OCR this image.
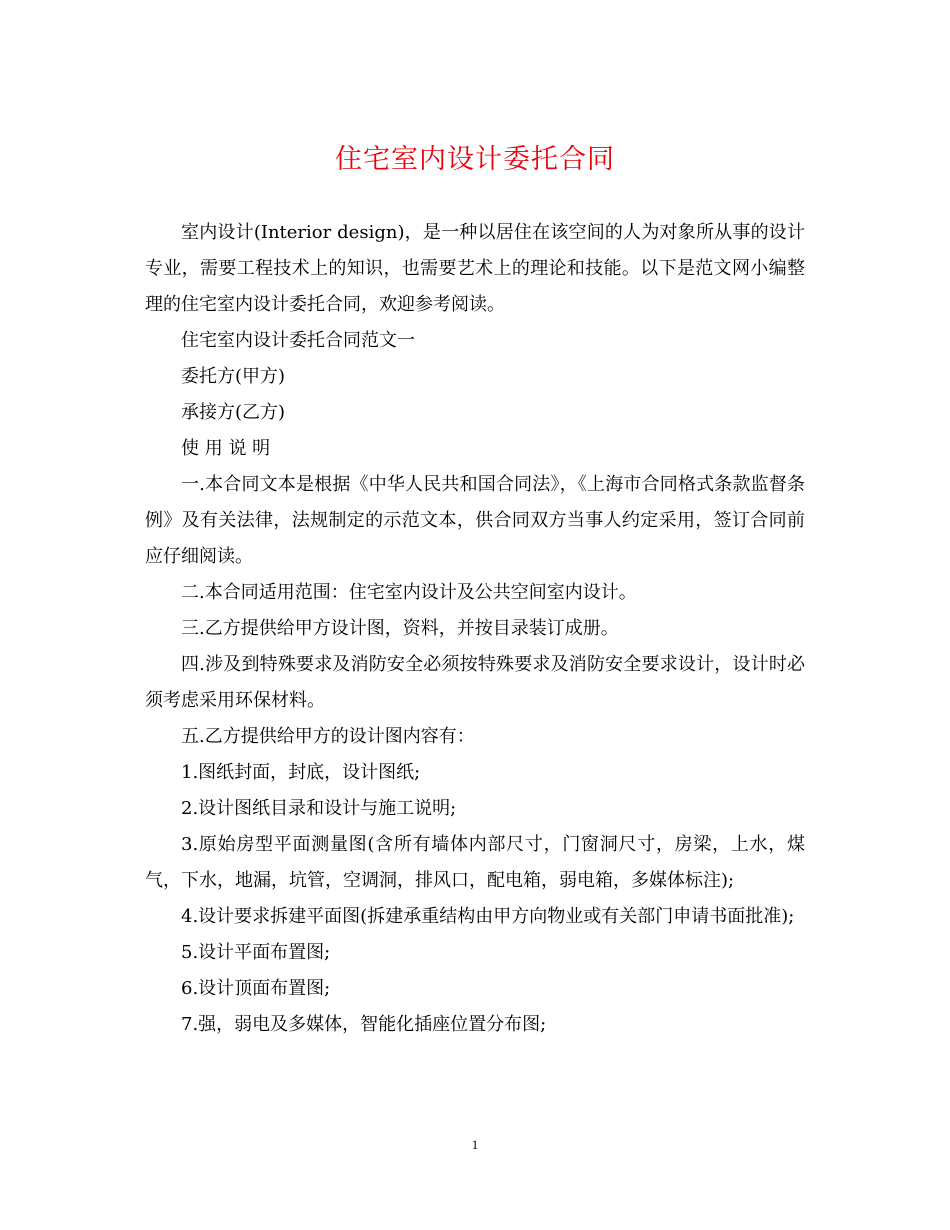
住宅室内设计委托合同

室内设计(Interior design)，是一种以居住在该空间的人为对象所从事的设计专业，需要工程技术上的知识，也需要艺术上的理论和技能。以下是范文网小编整理的住宅室内设计委托合同，欢迎参考阅读。

住宅室内设计委托合同范文一

委托方(甲方)

承接方(乙方)

使 用 说 明

一.本合同文本是根据《中华人民共和国合同法》，《上海市合同格式条款监督条例》及有关法律，法规制定的示范文本，供合同双方当事人约定采用，签订合同前应仔细阅读。

二.本合同适用范围：住宅室内设计及公共空间室内设计。

三.乙方提供给甲方设计图，资料，并按目录装订成册。

四.涉及到特殊要求及消防安全必须按特殊要求及消防安全要求设计，设计时必须考虑采用环保材料。

五.乙方提供给甲方的设计图内容有：

1.图纸封面，封底，设计图纸;

2.设计图纸目录和设计与施工说明;

3.原始房型平面测量图(含所有墙体内部尺寸，门窗洞尺寸，房梁，上水，煤气，下水，地漏，坑管，空调洞，排风口，配电箱，弱电箱，多媒体标注);

4.设计要求拆建平面图(拆建承重结构由甲方向物业或有关部门申请书面批准);

5.设计平面布置图;

6.设计顶面布置图;

7.强，弱电及多媒体，智能化插座位置分布图;

1
